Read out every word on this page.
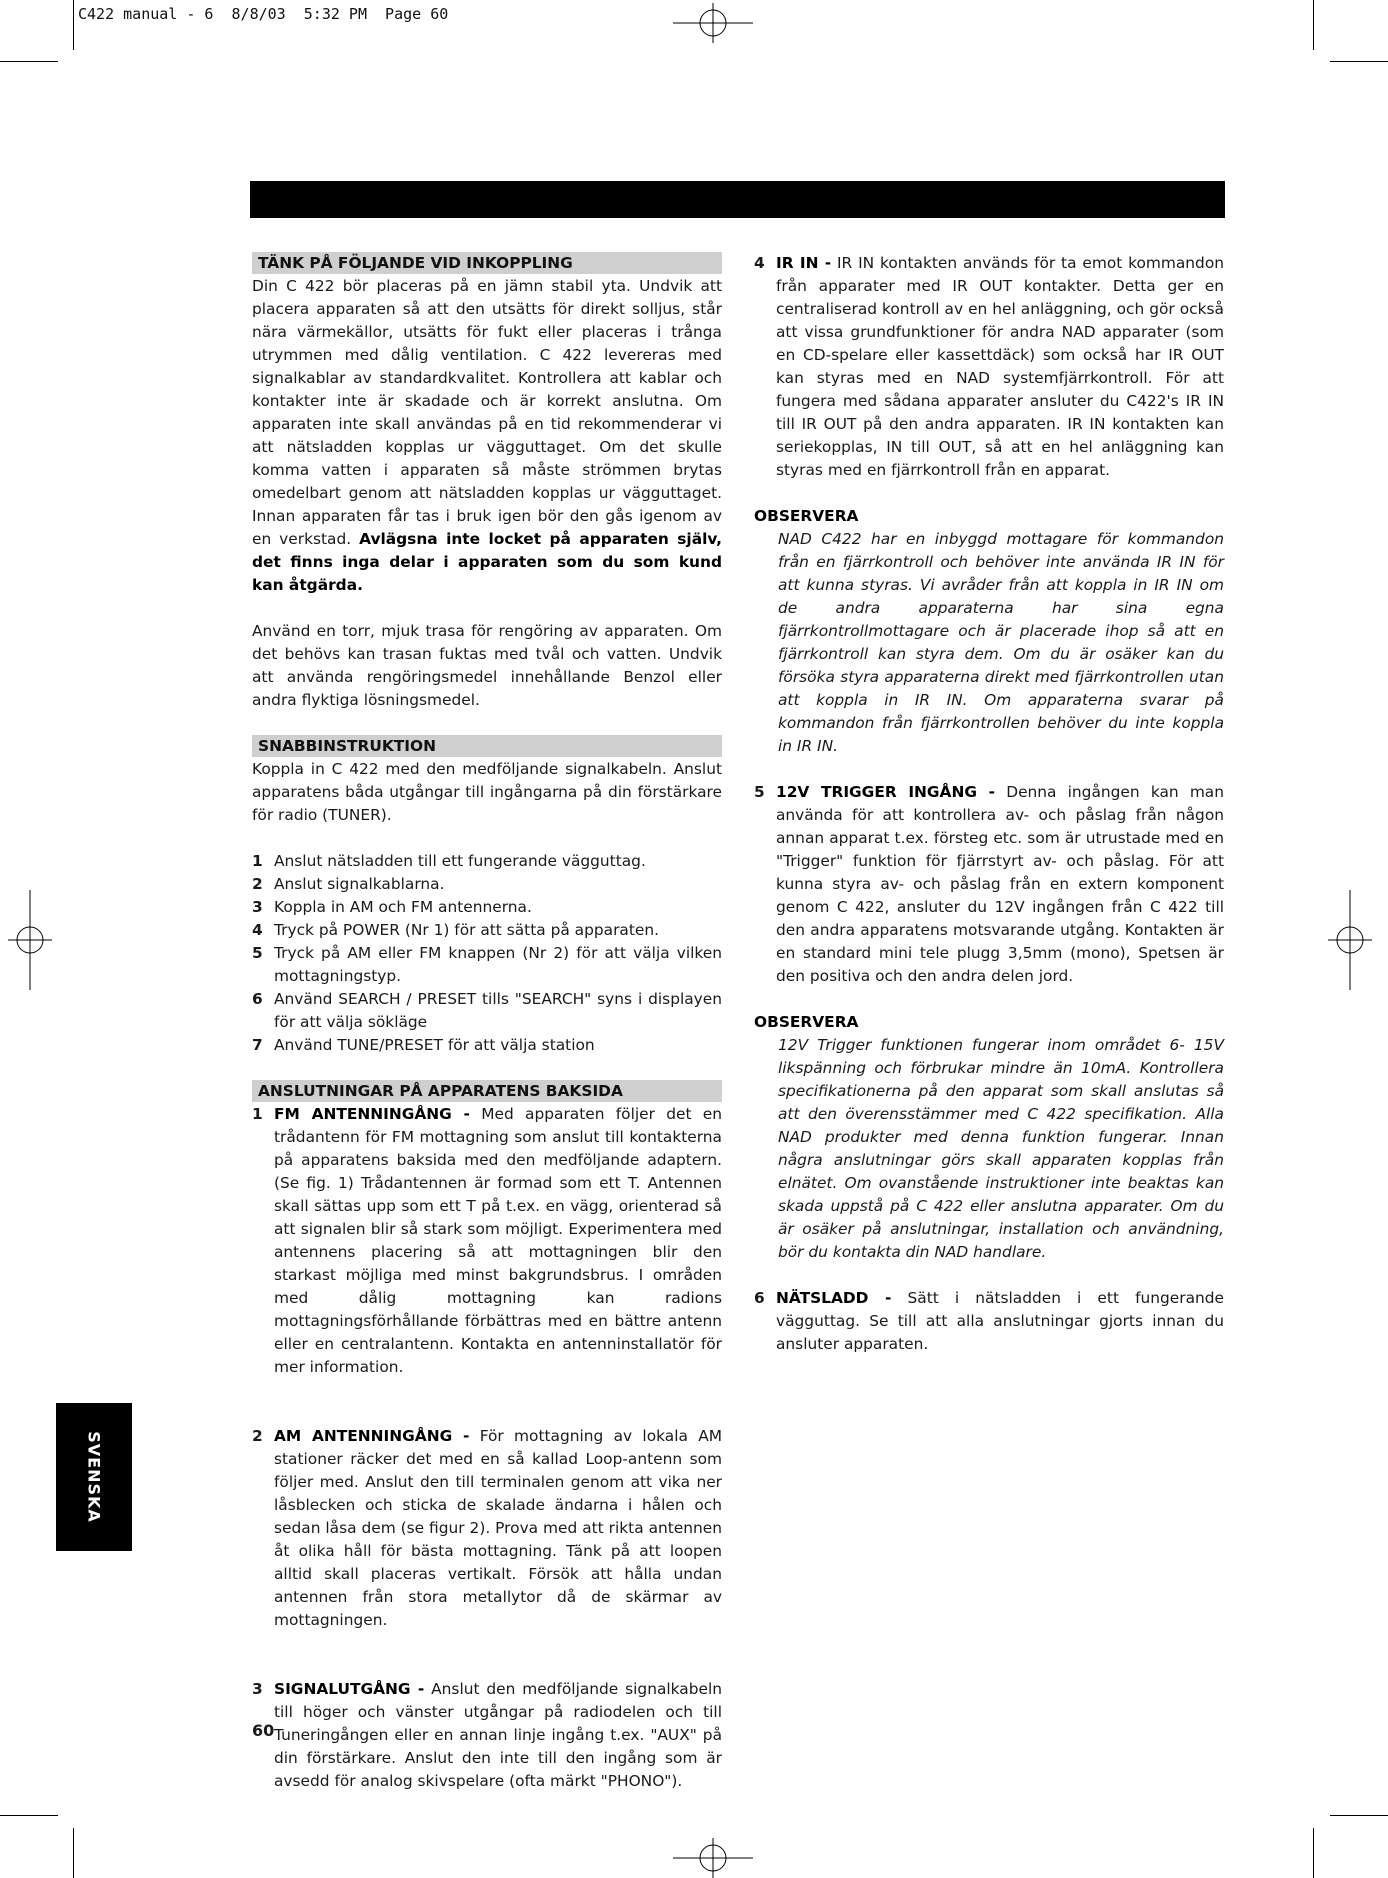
C422 manual - 6  8/8/03  5:32 PM  Page 60
TÄNK PÅ FÖLJANDE VID INKOPPLING

Din C 422 bör placeras på en jämn stabil yta. Undvik att placera apparaten så att den utsätts för direkt solljus, står nära värmekällor, utsätts för fukt eller placeras i trånga utrymmen med dålig ventilation. C 422 levereras med signalkablar av standardkvalitet. Kontrollera att kablar och kontakter inte är skadade och är korrekt anslutna. Om apparaten inte skall användas på en tid rekommenderar vi att nätsladden kopplas ur vägguttaget. Om det skulle komma vatten i apparaten så måste strömmen brytas omedelbart genom att nätsladden kopplas ur vägguttaget. Innan apparaten får tas i bruk igen bör den gås igenom av en verkstad. Avlägsna inte locket på apparaten själv, det finns inga delar i apparaten som du som kund kan åtgärda.

Använd en torr, mjuk trasa för rengöring av apparaten. Om det behövs kan trasan fuktas med tvål och vatten. Undvik att använda rengöringsmedel innehållande Benzol eller andra flyktiga lösningsmedel.

SNABBINSTRUKTION

Koppla in C 422 med den medföljande signalkabeln. Anslut apparatens båda utgångar till ingångarna på din förstärkare för radio (TUNER).

1 Anslut nätsladden till ett fungerande vägguttag.
2 Anslut signalkablarna.
3 Koppla in AM och FM antennerna.
4 Tryck på POWER (Nr 1) för att sätta på apparaten.
5 Tryck på AM eller FM knappen (Nr 2) för att välja vilken mottagningstyp.
6 Använd SEARCH / PRESET tills "SEARCH" syns i displayen för att välja sökläge
7 Använd TUNE/PRESET för att välja station
ANSLUTNINGAR PÅ APPARATENS BAKSIDA
1 FM ANTENNINGÅNG - Med apparaten följer det en trådantenn för FM mottagning som anslut till kontakterna på apparatens baksida med den medföljande adaptern.(Se fig. 1) Trådantennen är formad som ett T. Antennen skall sättas upp som ett T på t.ex. en vägg, orienterad så att signalen blir så stark som möjligt. Experimentera med antennens placering så att mottagningen blir den starkast möjliga med minst bakgrundsbrus. I områden med dålig mottagning kan radions mottagningsförhållande förbättras med en bättre antenn eller en centralantenn. Kontakta en antenninstallatör för mer information.
2 AM ANTENNINGÅNG - För mottagning av lokala AM stationer räcker det med en så kallad Loop-antenn som följer med. Anslut den till terminalen genom att vika ner låsblecken och sticka de skalade ändarna i hålen och sedan låsa dem (se figur 2). Prova med att rikta antennen åt olika håll för bästa mottagning. Tänk på att loopen alltid skall placeras vertikalt. Försök att hålla undan antennen från stora metallytor då de skärmar av mottagningen.
3 SIGNALUTGÅNG - Anslut den medföljande signalkabeln till höger och vänster utgångar på radiodelen och till Tuneringången eller en annan linje ingång t.ex. "AUX" på din förstärkare. Anslut den inte till den ingång som är avsedd för analog skivspelare (ofta märkt "PHONO").
4 IR IN - IR IN kontakten används för ta emot kommandon från apparater med IR OUT kontakter. Detta ger en centraliserad kontroll av en hel anläggning, och gör också att vissa grundfunktioner för andra NAD apparater (som en CD-spelare eller kassettdäck) som också har IR OUT kan styras med en NAD systemfjärrkontroll. För att fungera med sådana apparater ansluter du C422's IR IN till IR OUT på den andra apparaten. IR IN kontakten kan seriekopplas, IN till OUT, så att en hel anläggning kan styras med en fjärrkontroll från en apparat.

OBSERVERA

NAD C422 har en inbyggd mottagare för kommandon från en fjärrkontroll och behöver inte använda IR IN för att kunna styras. Vi avråder från att koppla in IR IN om de andra apparaterna har sina egna fjärrkontrollmottagare och är placerade ihop så att en fjärrkontroll kan styra dem. Om du är osäker kan du försöka styra apparaterna direkt med fjärrkontrollen utan att koppla in IR IN. Om apparaterna svarar på kommandon från fjärrkontrollen behöver du inte koppla in IR IN.

5 12V TRIGGER INGÅNG - Denna ingången kan man använda för att kontrollera av- och påslag från någon annan apparat t.ex. försteg etc. som är utrustade med en "Trigger" funktion för fjärrstyrt av- och påslag. För att kunna styra av- och påslag från en extern komponent genom C 422, ansluter du 12V ingången från C 422 till den andra apparatens motsvarande utgång. Kontakten är en standard mini tele plugg 3,5mm (mono), Spetsen är den positiva och den andra delen jord.

OBSERVERA

12V Trigger funktionen fungerar inom området 6- 15V likspänning och förbrukar mindre än 10mA. Kontrollera specifikationerna på den apparat som skall anslutas så att den överensstämmer med C 422 specifikation. Alla NAD produkter med denna funktion fungerar. Innan några anslutningar görs skall apparaten kopplas från elnätet. Om ovanstående instruktioner inte beaktas kan skada uppstå på C 422 eller anslutna apparater. Om du är osäker på anslutningar, installation och användning, bör du kontakta din NAD handlare.

6 NÄTSLADD - Sätt i nätsladden i ett fungerande vägguttag. Se till att alla anslutningar gjorts innan du ansluter apparaten.
SVENSKA
60
